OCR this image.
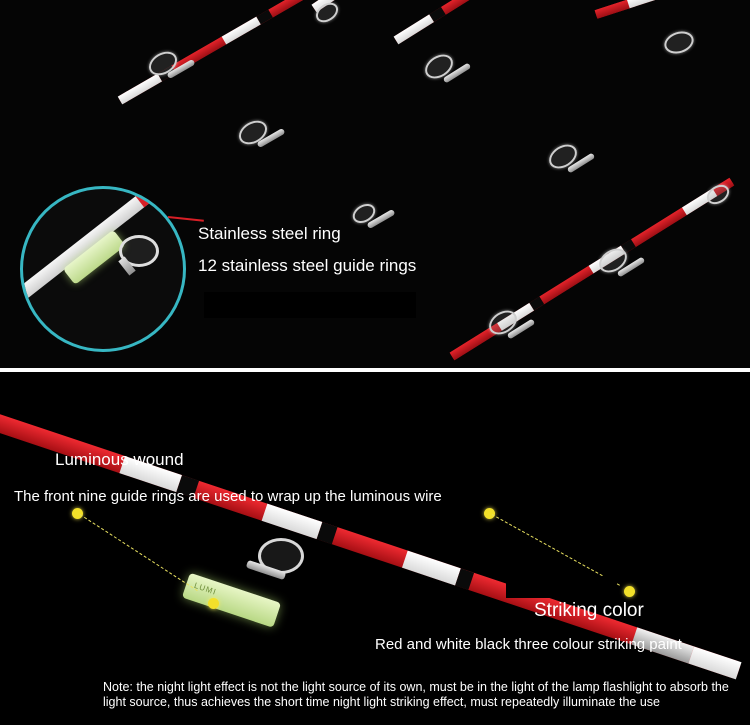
Stainless steel ring
12 stainless steel guide rings
LUMI
Luminous wound
The front nine guide rings are used to wrap up the luminous wire
Striking color
Red and white black three colour striking paint
Note: the night light effect is not the light source of its own, must be in the light of the lamp flashlight to absorb the light source, thus achieves the short time night light striking effect, must repeatedly illuminate the use
